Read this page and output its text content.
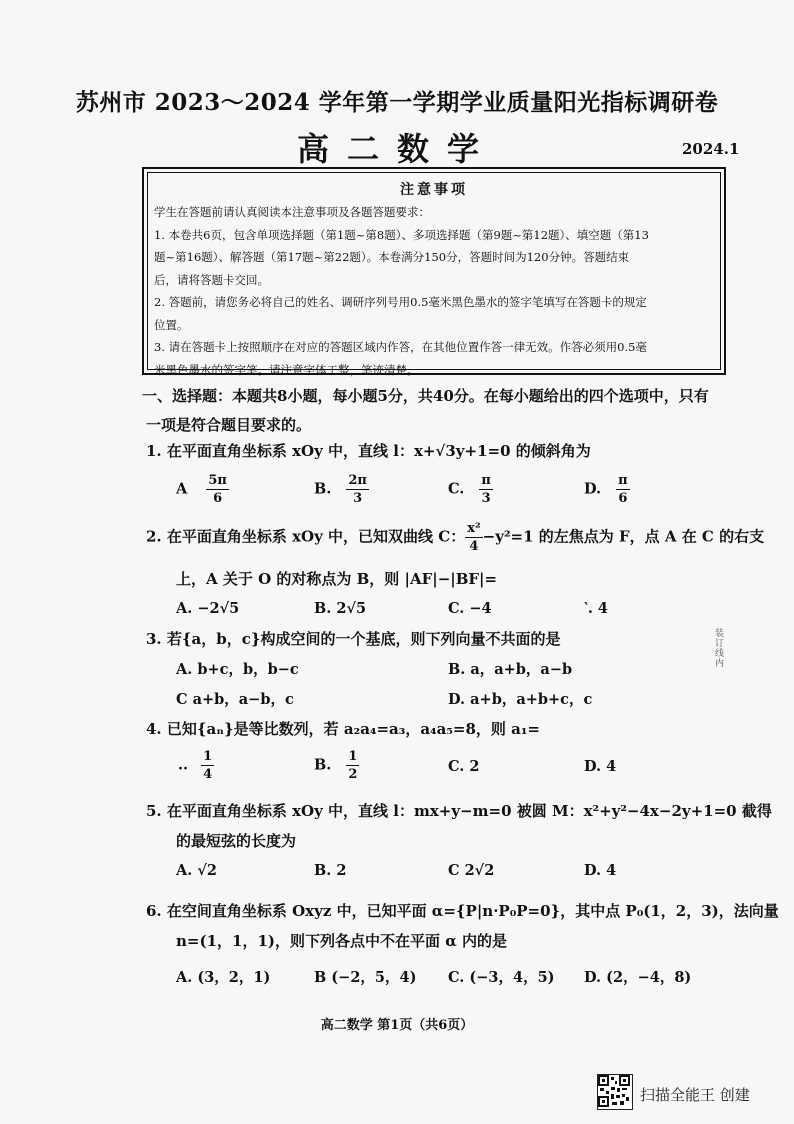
苏州市 2023～2024 学年第一学期学业质量阳光指标调研卷
高二数学	2024.1
注意事项
学生在答题前请认真阅读本注意事项及各题答题要求：
1. 本卷共6页，包含单项选择题（第1题~第8题）、多项选择题（第9题~第12题）、填空题（第13
题~第16题）、解答题（第17题~第22题）。本卷满分150分，答题时间为120分钟。答题结束
后，请将答题卡交回。
2. 答题前，请您务必将自己的姓名、调研序列号用0.5毫米黑色墨水的签字笔填写在答题卡的规定
位置。
3. 请在答题卡上按照顺序在对应的答题区域内作答，在其他位置作答一律无效。作答必须用0.5毫
米黑色墨水的签字笔。请注意字体工整，笔迹清楚。
一、选择题：本题共8小题，每小题5分，共40分。在每小题给出的四个选项中，只有
一项是符合题目要求的。
1. 在平面直角坐标系 xOy 中，直线 l：x+√3y+1=0 的倾斜角为
A $\frac{5\pi}{6}$	B. $\frac{2\pi}{3}$	C. $\frac{\pi}{3}$	D. $\frac{\pi}{6}$
2. 在平面直角坐标系 xOy 中，已知双曲线 C： $\frac{\text{x²}}{4} -y^2=1$ 的左焦点为 F，点 A 在 C 的右支
上，A 关于 O 的对称点为 B，则 |AF|−|BF|=
A. −2√5	B. 2√5	C. −4	‵. 4
3. 若{a，b，c}构成空间的一个基底，则下列向量不共面的是
A. b+c，b，b−c	B. a，a+b，a−b
C a+b，a−b，c	D. a+b，a+b+c，c
4. 已知{aₙ}是等比数列，若 a₂a₄=a₃，a₄a₅=8，则 a₁=
.. $\frac{1}{4}$	B. $\frac{1}{2}$	C. 2	D. 4
5. 在平面直角坐标系 xOy 中，直线 l：mx+y−m=0 被圆 M：x²+y²−4x−2y+1=0 截得
的最短弦的长度为
A. √2	B. 2	C 2√2	D. 4
6. 在空间直角坐标系 Oxyz 中，已知平面 α={P|n·P₀P=0}，其中点 P₀(1，2，3)，法向量
n=(1，1，1)，则下列各点中不在平面 α 内的是
A. (3，2，1)	B (−2，5，4) C. (−3，4，5) D. (2，−4，8)
装订线内
高二数学 第1页（共6页）
扫描全能王 创建
